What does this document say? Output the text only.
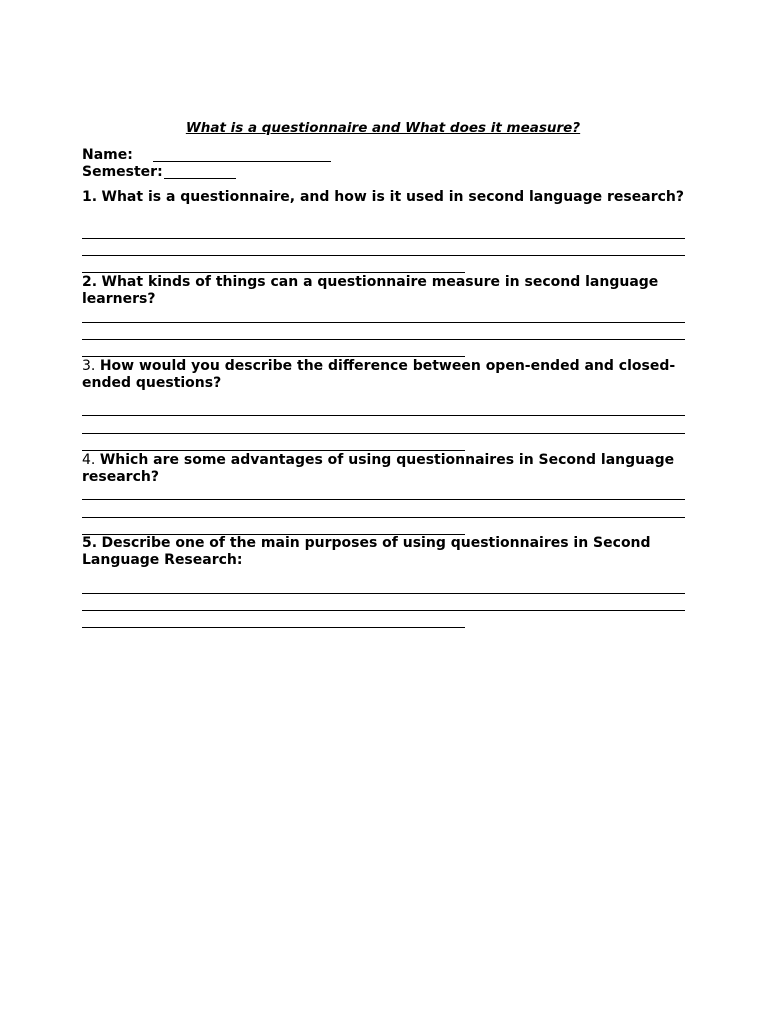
What is a questionnaire and What does it measure?
Name:
Semester:
1. What is a questionnaire, and how is it used in second language research?
2. What kinds of things can a questionnaire measure in second language learners?
3. How would you describe the difference between open-ended and closed-ended questions?
4. Which are some advantages of using questionnaires in Second language research?
5. Describe one of the main purposes of using questionnaires in Second Language Research:
